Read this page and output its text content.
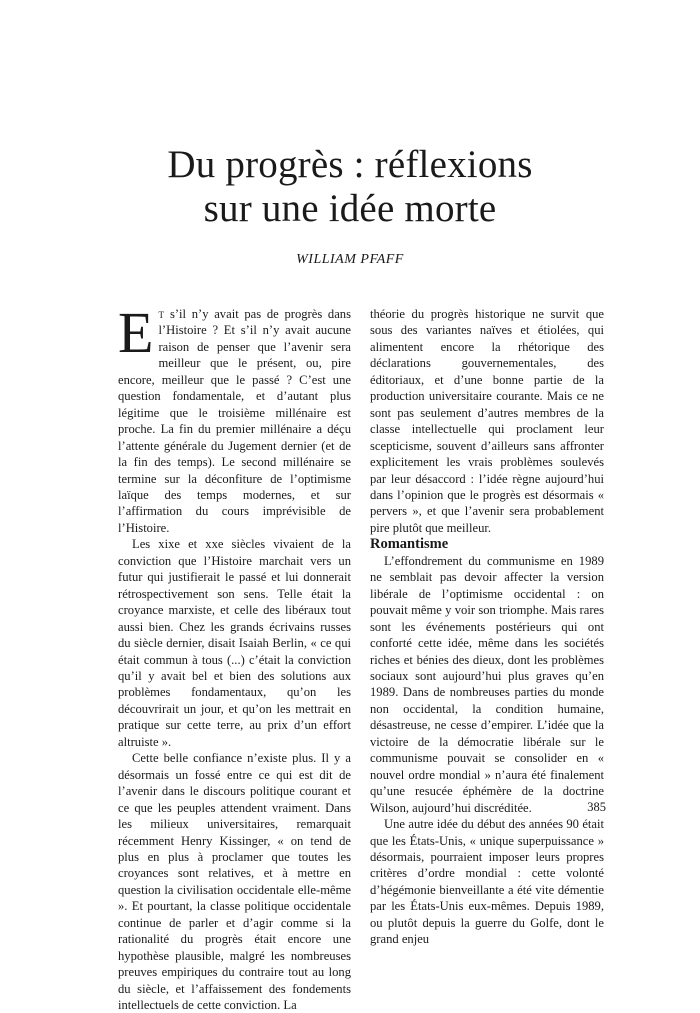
Du progrès : réflexions
sur une idée morte
WILLIAM PFAFF

Et s’il n’y avait pas de progrès dans l’Histoire ? Et s’il n’y avait aucune raison de penser que l’avenir sera meilleur que le présent, ou, pire encore, meilleur que le passé ? C’est une question fondamentale, et d’autant plus légitime que le troisième millénaire est proche. La fin du premier millénaire a déçu l’attente générale du Jugement dernier (et de la fin des temps). Le second millénaire se termine sur la déconfiture de l’optimisme laïque des temps modernes, et sur l’affirmation du cours imprévisible de l’Histoire.

Les xixe et xxe siècles vivaient de la conviction que l’Histoire marchait vers un futur qui justifierait le passé et lui donnerait rétrospectivement son sens. Telle était la croyance marxiste, et celle des libéraux tout aussi bien. Chez les grands écrivains russes du siècle dernier, disait Isaiah Berlin, « ce qui était commun à tous (...) c’était la conviction qu’il y avait bel et bien des solutions aux problèmes fondamentaux, qu’on les découvrirait un jour, et qu’on les mettrait en pratique sur cette terre, au prix d’un effort altruiste ».

Cette belle confiance n’existe plus. Il y a désormais un fossé entre ce qui est dit de l’avenir dans le discours politique courant et ce que les peuples attendent vraiment. Dans les milieux universitaires, remarquait récemment Henry Kissinger, « on tend de plus en plus à proclamer que toutes les croyances sont relatives, et à mettre en question la civilisation occidentale elle-même ». Et pourtant, la classe politique occidentale continue de parler et d’agir comme si la rationalité du progrès était encore une hypothèse plausible, malgré les nombreuses preuves empiriques du contraire tout au long du siècle, et l’affaissement des fondements intellectuels de cette conviction. La

théorie du progrès historique ne survit que sous des variantes naïves et étiolées, qui alimentent encore la rhétorique des déclarations gouvernementales, des éditoriaux, et d’une bonne partie de la production universitaire courante. Mais ce ne sont pas seulement d’autres membres de la classe intellectuelle qui proclament leur scepticisme, souvent d’ailleurs sans affronter explicitement les vrais problèmes soulevés par leur désaccord : l’idée règne aujourd’hui dans l’opinion que le progrès est désormais « pervers », et que l’avenir sera probablement pire plutôt que meilleur.

Romantisme

L’effondrement du communisme en 1989 ne semblait pas devoir affecter la version libérale de l’optimisme occidental : on pouvait même y voir son triomphe. Mais rares sont les événements postérieurs qui ont conforté cette idée, même dans les sociétés riches et bénies des dieux, dont les problèmes sociaux sont aujourd’hui plus graves qu’en 1989. Dans de nombreuses parties du monde non occidental, la condition humaine, désastreuse, ne cesse d’empirer. L’idée que la victoire de la démocratie libérale sur le communisme pouvait se consolider en « nouvel ordre mondial » n’aura été finalement qu’une resucée éphémère de la doctrine Wilson, aujourd’hui discréditée.

Une autre idée du début des années 90 était que les États-Unis, « unique superpuissance » désormais, pourraient imposer leurs propres critères d’ordre mondial : cette volonté d’hégémonie bienveillante a été vite démentie par les États-Unis eux-mêmes. Depuis 1989, ou plutôt depuis la guerre du Golfe, dont le grand enjeu

385
